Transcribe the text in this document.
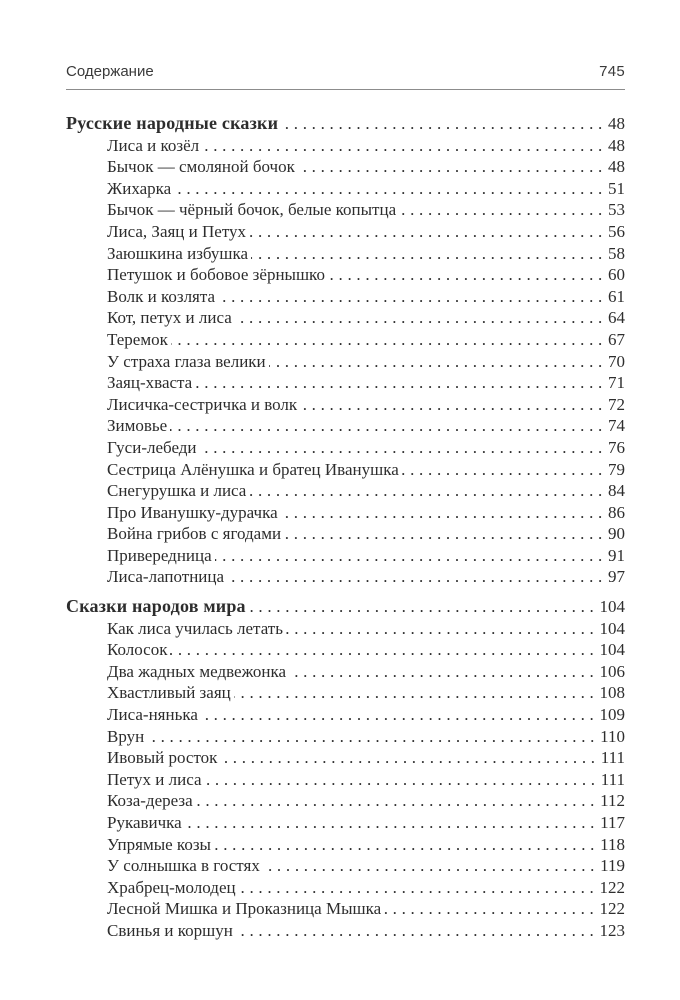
Содержание	745
Русские народные сказки .....	48
Лиса и козёл .....	48
Бычок — смоляной бочок .....	48
Жихарка .....	51
Бычок — чёрный бочок, белые копытца .....	53
Лиса, Заяц и Петух .....	56
Заюшкина избушка .....	58
Петушок и бобовое зёрнышко .....	60
Волк и козлята .....	61
Кот, петух и лиса .....	64
Теремок .....	67
У страха глаза велики .....	70
Заяц-хваста .....	71
Лисичка-сестричка и волк .....	72
Зимовье .....	74
Гуси-лебеди .....	76
Сестрица Алёнушка и братец Иванушка .....	79
Снегурушка и лиса .....	84
Про Иванушку-дурачка .....	86
Война грибов с ягодами .....	90
Привередница .....	91
Лиса-лапотница .....	97
Сказки народов мира .....	104
Как лиса училась летать .....	104
Колосок .....	104
Два жадных медвежонка .....	106
Хвастливый заяц .....	108
Лиса-нянька .....	109
Врун .....	110
Ивовый росток .....	111
Петух и лиса .....	111
Коза-дереза .....	112
Рукавичка .....	117
Упрямые козы .....	118
У солнышка в гостях .....	119
Храбрец-молодец .....	122
Лесной Мишка и Проказница Мышка .....	122
Свинья и коршун .....	123
